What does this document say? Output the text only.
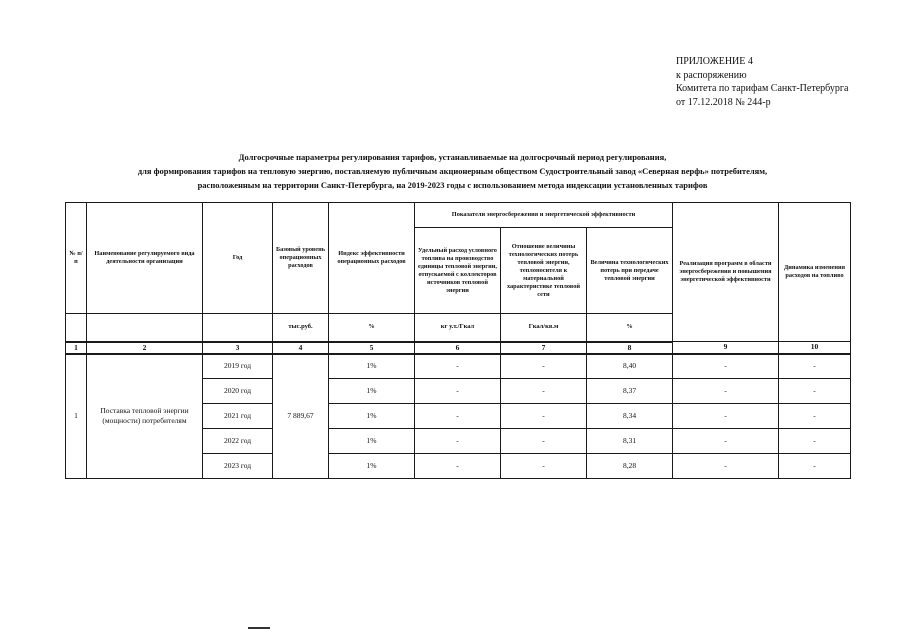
ПРИЛОЖЕНИЕ 4
к распоряжению
Комитета по тарифам Санкт-Петербурга
от 17.12.2018 № 244-р
Долгосрочные параметры регулирования тарифов, устанавливаемые на долгосрочный период регулирования,
для формирования тарифов на тепловую энергию, поставляемую публичным акционерным обществом Судостроительный завод «Северная верфь» потребителям,
расположенным на территории Санкт-Петербурга, на 2019-2023 годы с использованием метода индексации установленных тарифов
№ п/п	Наименование регулируемого вида деятельности организации	Год	Базовый уровень операционных расходов	Индекс эффективности операционных расходов	Показатели энергосбережения и энергетической эффективности			Реализация программ в области энергосбережения и повышения энергетической эффективности	Динамика изменения расходов на топливо
					Удельный расход условного топлива на производство единицы тепловой энергии, отпускаемой с коллекторов источников тепловой энергии	Отношение величины технологических потерь тепловой энергии, теплоносителя к материальной характеристике тепловой сети	Величина технологических потерь при передаче тепловой энергии		
			тыс.руб.	%	кг у.т./Гкал	Гкал/кв.м	%		
1	2	3	4	5	6	7	8	9	10
1	Поставка тепловой энергии (мощности) потребителям	2019 год	7 889,67	1%	-	-	8,40	-	-
		2020 год		1%	-	-	8,37	-	-
		2021 год		1%	-	-	8,34	-	-
		2022 год		1%	-	-	8,31	-	-
		2023 год		1%	-	-	8,28	-	-
